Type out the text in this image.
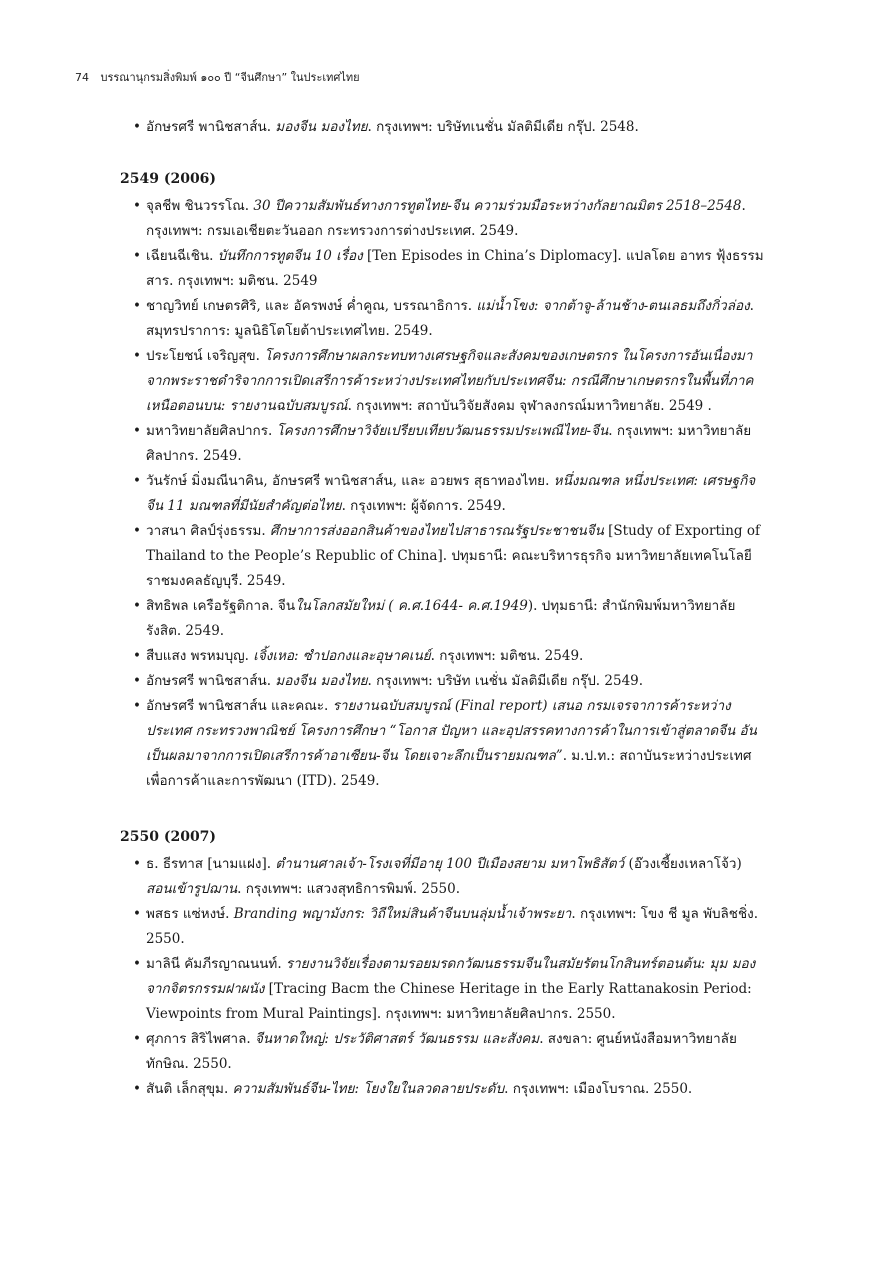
74 บรรณานุกรมสิ่งพิมพ์ ๑๐๐ ปี “จีนศึกษา” ในประเทศไทย
• อักษรศรี พานิชสาส์น. มองจีน มองไทย. กรุงเทพฯ: บริษัทเนชั่น มัลติมีเดีย กรุ๊ป. 2548.
2549 (2006)
• จุลชีพ ชินวรรโณ. 30 ปีความสัมพันธ์ทางการทูตไทย-จีน ความร่วมมือระหว่างกัลยาณมิตร 2518–2548. กรุงเทพฯ: กรมเอเชียตะวันออก กระทรวงการต่างประเทศ. 2549.
• เฉียนฉีเชิน. บันทึกการทูตจีน 10 เรื่อง [Ten Episodes in China’s Diplomacy]. แปลโดย อาทร ฟุ้งธรรมสาร. กรุงเทพฯ: มติชน. 2549
• ชาญวิทย์ เกษตรศิริ, และ อัครพงษ์ ค่ำคูณ, บรรณาธิการ. แม่น้ำโขง: จากต้าจู-ล้านช้าง-ตนเลธมถึงกิ่วล่อง. สมุทรปราการ: มูลนิธิโตโยต้าประเทศไทย. 2549.
• ประโยชน์ เจริญสุข. โครงการศึกษาผลกระทบทางเศรษฐกิจและสังคมของเกษตรกร ในโครงการอันเนื่องมาจากพระราชดำริจากการเปิดเสรีการค้าระหว่างประเทศไทยกับประเทศจีน: กรณีศึกษาเกษตรกรในพื้นที่ภาคเหนือตอนบน: รายงานฉบับสมบูรณ์. กรุงเทพฯ: สถาบันวิจัยสังคม จุฬาลงกรณ์มหาวิทยาลัย. 2549 .
• มหาวิทยาลัยศิลปากร. โครงการศึกษาวิจัยเปรียบเทียบวัฒนธรรมประเพณีไทย-จีน. กรุงเทพฯ: มหาวิทยาลัยศิลปากร. 2549.
• วันรักษ์ มิ่งมณีนาคิน, อักษรศรี พานิชสาส์น, และ อวยพร สุธาทองไทย. หนึ่งมณฑล หนึ่งประเทศ: เศรษฐกิจจีน 11 มณฑลที่มีนัยสำคัญต่อไทย. กรุงเทพฯ: ผู้จัดการ. 2549.
• วาสนา ศิลป์รุ่งธรรม. ศึกษาการส่งออกสินค้าของไทยไปสาธารณรัฐประชาชนจีน [Study of Exporting of Thailand to the People’s Republic of China]. ปทุมธานี: คณะบริหารธุรกิจ มหาวิทยาลัยเทคโนโลยีราชมงคลธัญบุรี. 2549.
• สิทธิพล เครือรัฐติกาล. จีนในโลกสมัยใหม่ ( ค.ศ.1644- ค.ศ.1949). ปทุมธานี: สำนักพิมพ์มหาวิทยาลัยรังสิต. 2549.
• สืบแสง พรหมบุญ. เจิ้งเหอ: ซำปอกงและอุษาคเนย์. กรุงเทพฯ: มติชน. 2549.
• อักษรศรี พานิชสาส์น. มองจีน มองไทย. กรุงเทพฯ: บริษัท เนชั่น มัลติมีเดีย กรุ๊ป. 2549.
• อักษรศรี พานิชสาส์น และคณะ. รายงานฉบับสมบูรณ์ (Final report) เสนอ กรมเจรจาการค้าระหว่างประเทศ กระทรวงพาณิชย์ โครงการศึกษา “โอกาส ปัญหา และอุปสรรคทางการค้าในการเข้าสู่ตลาดจีน อันเป็นผลมาจากการเปิดเสรีการค้าอาเซียน-จีน โดยเจาะลึกเป็นรายมณฑล”. ม.ป.ท.: สถาบันระหว่างประเทศเพื่อการค้าและการพัฒนา (ITD). 2549.
2550 (2007)
• ธ. ธีรทาส [นามแฝง]. ตำนานศาลเจ้า-โรงเจที่มีอายุ 100 ปีเมืองสยาม มหาโพธิสัตว์ (อ๊วงเซี้ยงเหลาโจ้ว) สอนเข้ารูปฌาน. กรุงเทพฯ: แสวงสุทธิการพิมพ์. 2550.
• พสธร แซ่หงษ์. Branding พญามังกร: วิถีใหม่สินค้าจีนบนลุ่มน้ำเจ้าพระยา. กรุงเทพฯ: โขง ชี มูล พับลิชชิ่ง. 2550.
• มาลินี คัมภีรญาณนนท์. รายงานวิจัยเรื่องตามรอยมรดกวัฒนธรรมจีนในสมัยรัตนโกสินทร์ตอนต้น: มุม มองจากจิตรกรรมฝาผนัง [Tracing Bacm the Chinese Heritage in the Early Rattanakosin Period: Viewpoints from Mural Paintings]. กรุงเทพฯ: มหาวิทยาลัยศิลปากร. 2550.
• ศุภการ สิริไพศาล. จีนหาดใหญ่: ประวัติศาสตร์ วัฒนธรรม และสังคม. สงขลา: ศูนย์หนังสือมหาวิทยาลัยทักษิณ. 2550.
• สันติ เล็กสุขุม. ความสัมพันธ์จีน-ไทย: โยงใยในลวดลายประดับ. กรุงเทพฯ: เมืองโบราณ. 2550.
